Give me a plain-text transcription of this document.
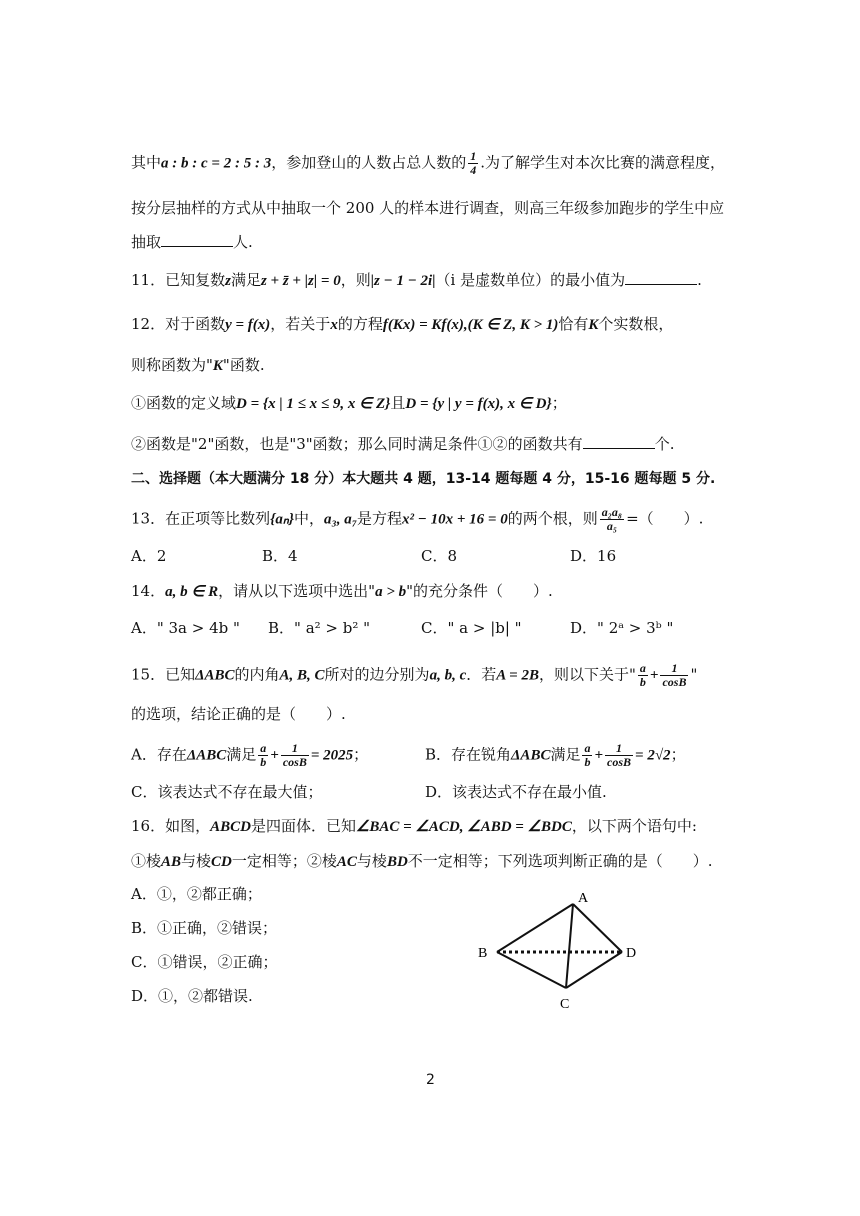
其中a : b : c = 2 : 5 : 3，参加登山的人数占总人数的 $\frac{1}{4}$ .为了解学生对本次比赛的满意程度，
按分层抽样的方式从中抽取一个 200 人的样本进行调查，则高三年级参加跑步的学生中应
抽取	人.
11．已知复数z满足z + z̄ + |z| = 0，则|z − 1 − 2i|（i 是虚数单位）的最小值为	.
12．对于函数y = f(x)，若关于x的方程f(Kx) = Kf(x),(K ∈ Z, K > 1)恰有K个实数根，
则称函数为"K"函数.
①函数的定义域D = {x | 1 ≤ x ≤ 9, x ∈ Z}且D = {y | y = f(x), x ∈ D}；
②函数是"2"函数，也是"3"函数；那么同时满足条件①②的函数共有	个.
二、选择题（本大题满分 18 分）本大题共 4 题，13-14 题每题 4 分，15-16 题每题 5 分.
13．在正项等比数列{aₙ}中，a₃, a₇是方程x² − 10x + 16 = 0的两个根，则 $\frac{\text{a₂a₈}}{\text{a₅}}$ =（　　）.
A．2	B．4	C．8	D．16
14．a, b ∈ R，请从以下选项中选出"a > b"的充分条件（　　）.
A．" 3a > 4b " B．" a² > b² "	C．" a > |b| "	D．" 2ᵃ > 3ᵇ "
15．已知ΔABC的内角A, B, C所对的边分别为a, b, c．若A = 2B，则以下关于" $\frac{a}{b} + \frac{1}{\cos B}$ "
的选项，结论正确的是（　　）.
A．存在ΔABC满足 $\frac{a}{b} + \frac{1}{\cos B} = 2025$；	B．存在锐角ΔABC满足 $\frac{a}{b} + \frac{1}{\cos B} = 2√2$；
C．该表达式不存在最大值；	D．该表达式不存在最小值.
16．如图，ABCD是四面体．已知∠BAC = ∠ACD, ∠ABD = ∠BDC，以下两个语句中:
①棱AB与棱CD一定相等；②棱AC与棱BD不一定相等；下列选项判断正确的是（　　）.
A．①，②都正确；
B．①正确，②错误；
C．①错误，②正确；
D．①，②都错误.
A
B
C
D
2
